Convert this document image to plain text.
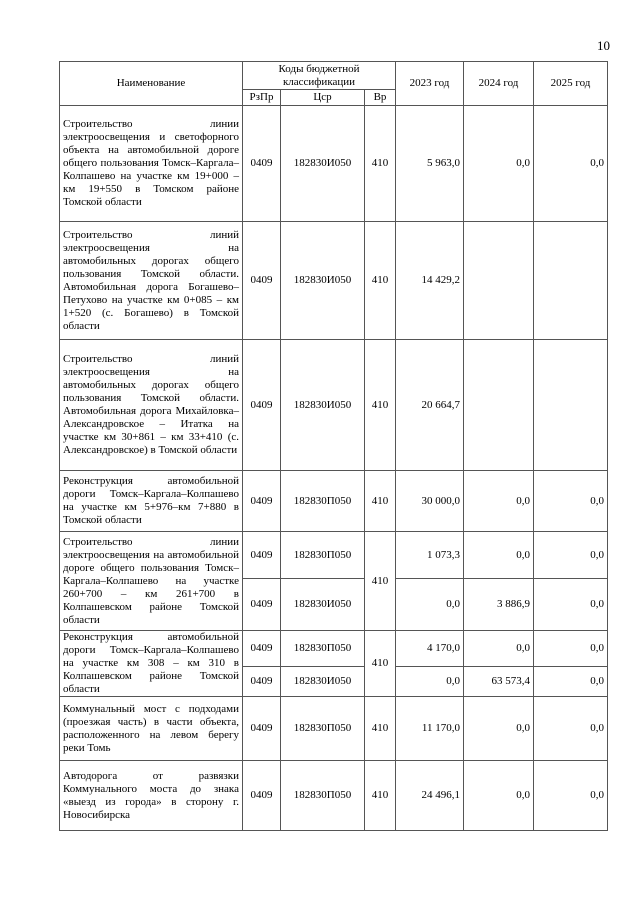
10
Наименование	Коды бюджетной классификации			2023 год	2024 год	2025 год
	РзПр	Цср	Вр			
Строительство линии электроосвещения и светофорного объекта на автомобильной дороге общего пользования Томск–Каргала–Колпашево на участке км 19+000 – км 19+550 в Томском районе Томской области	0409	182830И050	410	5 963,0	0,0	0,0
Строительство линий электроосвещения на автомобильных дорогах общего пользования Томской области. Автомобильная дорога Богашево–Петухово на участке км 0+085 – км 1+520 (с. Богашево) в Томской области	0409	182830И050	410	14 429,2		
Строительство линий электроосвещения на автомобильных дорогах общего пользования Томской области. Автомобильная дорога Михайловка–Александровское – Итатка на участке км 30+861 – км 33+410 (с. Александровское) в Томской области	0409	182830И050	410	20 664,7		
Реконструкция автомобильной дороги Томск–Каргала–Колпашево на участке км 5+976–км 7+880 в Томской области	0409	182830П050	410	30 000,0	0,0	0,0
Строительство линии электроосвещения на автомобильной дороге общего пользования Томск–Каргала–Колпашево на участке 260+700 – км 261+700 в Колпашевском районе Томской области	0409	182830П050	410	1 073,3	0,0	0,0
	0409	182830И050		0,0	3 886,9	0,0
Реконструкция автомобильной дороги Томск–Каргала–Колпашево на участке км 308 – км 310 в Колпашевском районе Томской области	0409	182830П050	410	4 170,0	0,0	0,0
	0409	182830И050		0,0	63 573,4	0,0
Коммунальный мост с подходами (проезжая часть) в части объекта, расположенного на левом берегу реки Томь	0409	182830П050	410	11 170,0	0,0	0,0
Автодорога от развязки Коммунального моста до знака «выезд из города» в сторону г. Новосибирска	0409	182830П050	410	24 496,1	0,0	0,0
